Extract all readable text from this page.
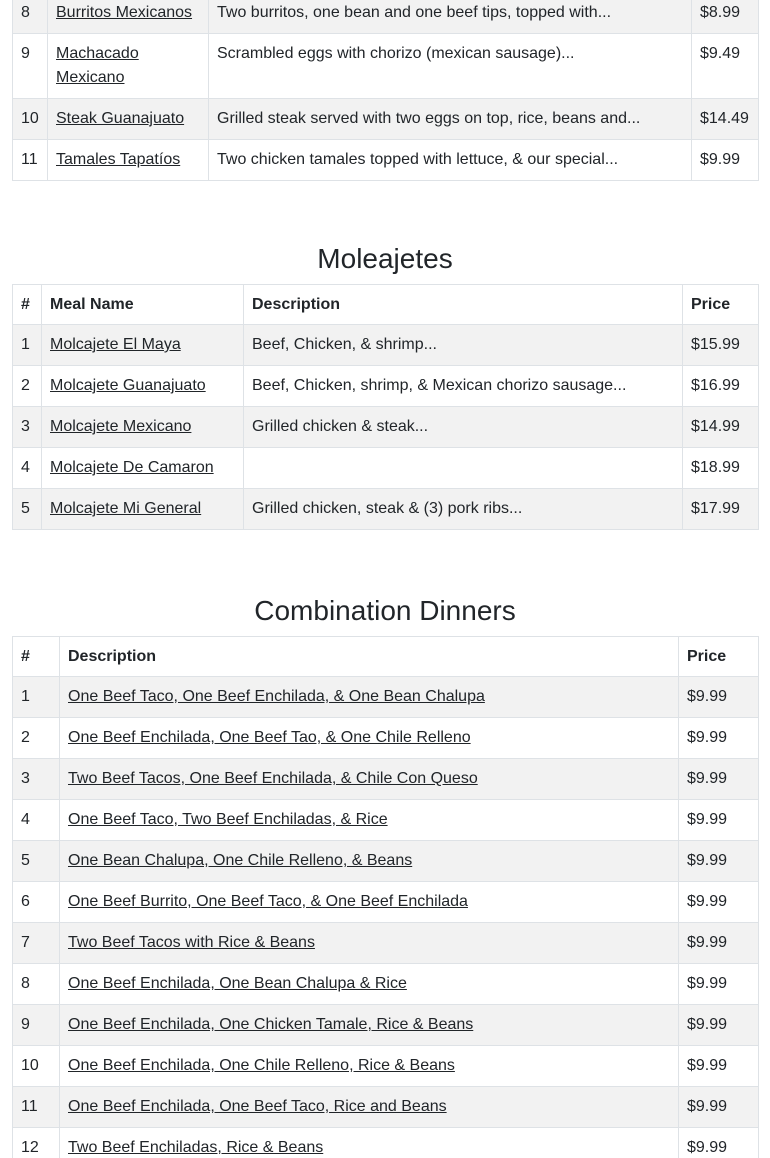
8	Burritos Mexicanos	Two burritos, one bean and one beef tips, topped with...	$8.99
9	Machacado Mexicano	Scrambled eggs with chorizo (mexican sausage)...	$9.49
10	Steak Guanajuato	Grilled steak served with two eggs on top, rice, beans and...	$14.49
11	Tamales Tapatíos	Two chicken tamales topped with lettuce, & our special...	$9.99
Moleajetes
#	Meal Name	Description	Price
1	Molcajete El Maya	Beef, Chicken, & shrimp...	$15.99
2	Molcajete Guanajuato	Beef, Chicken, shrimp, & Mexican chorizo sausage...	$16.99
3	Molcajete Mexicano	Grilled chicken & steak...	$14.99
4	Molcajete De Camaron		$18.99
5	Molcajete Mi General	Grilled chicken, steak & (3) pork ribs...	$17.99
Combination Dinners
#	Description	Price
1	One Beef Taco, One Beef Enchilada, & One Bean Chalupa	$9.99
2	One Beef Enchilada, One Beef Tao, & One Chile Relleno	$9.99
3	Two Beef Tacos, One Beef Enchilada, & Chile Con Queso	$9.99
4	One Beef Taco, Two Beef Enchiladas, & Rice	$9.99
5	One Bean Chalupa, One Chile Relleno, & Beans	$9.99
6	One Beef Burrito, One Beef Taco, & One Beef Enchilada	$9.99
7	Two Beef Tacos with Rice & Beans	$9.99
8	One Beef Enchilada, One Bean Chalupa & Rice	$9.99
9	One Beef Enchilada, One Chicken Tamale, Rice & Beans	$9.99
10	One Beef Enchilada, One Chile Relleno, Rice & Beans	$9.99
11	One Beef Enchilada, One Beef Taco, Rice and Beans	$9.99
12	Two Beef Enchiladas, Rice & Beans	$9.99
